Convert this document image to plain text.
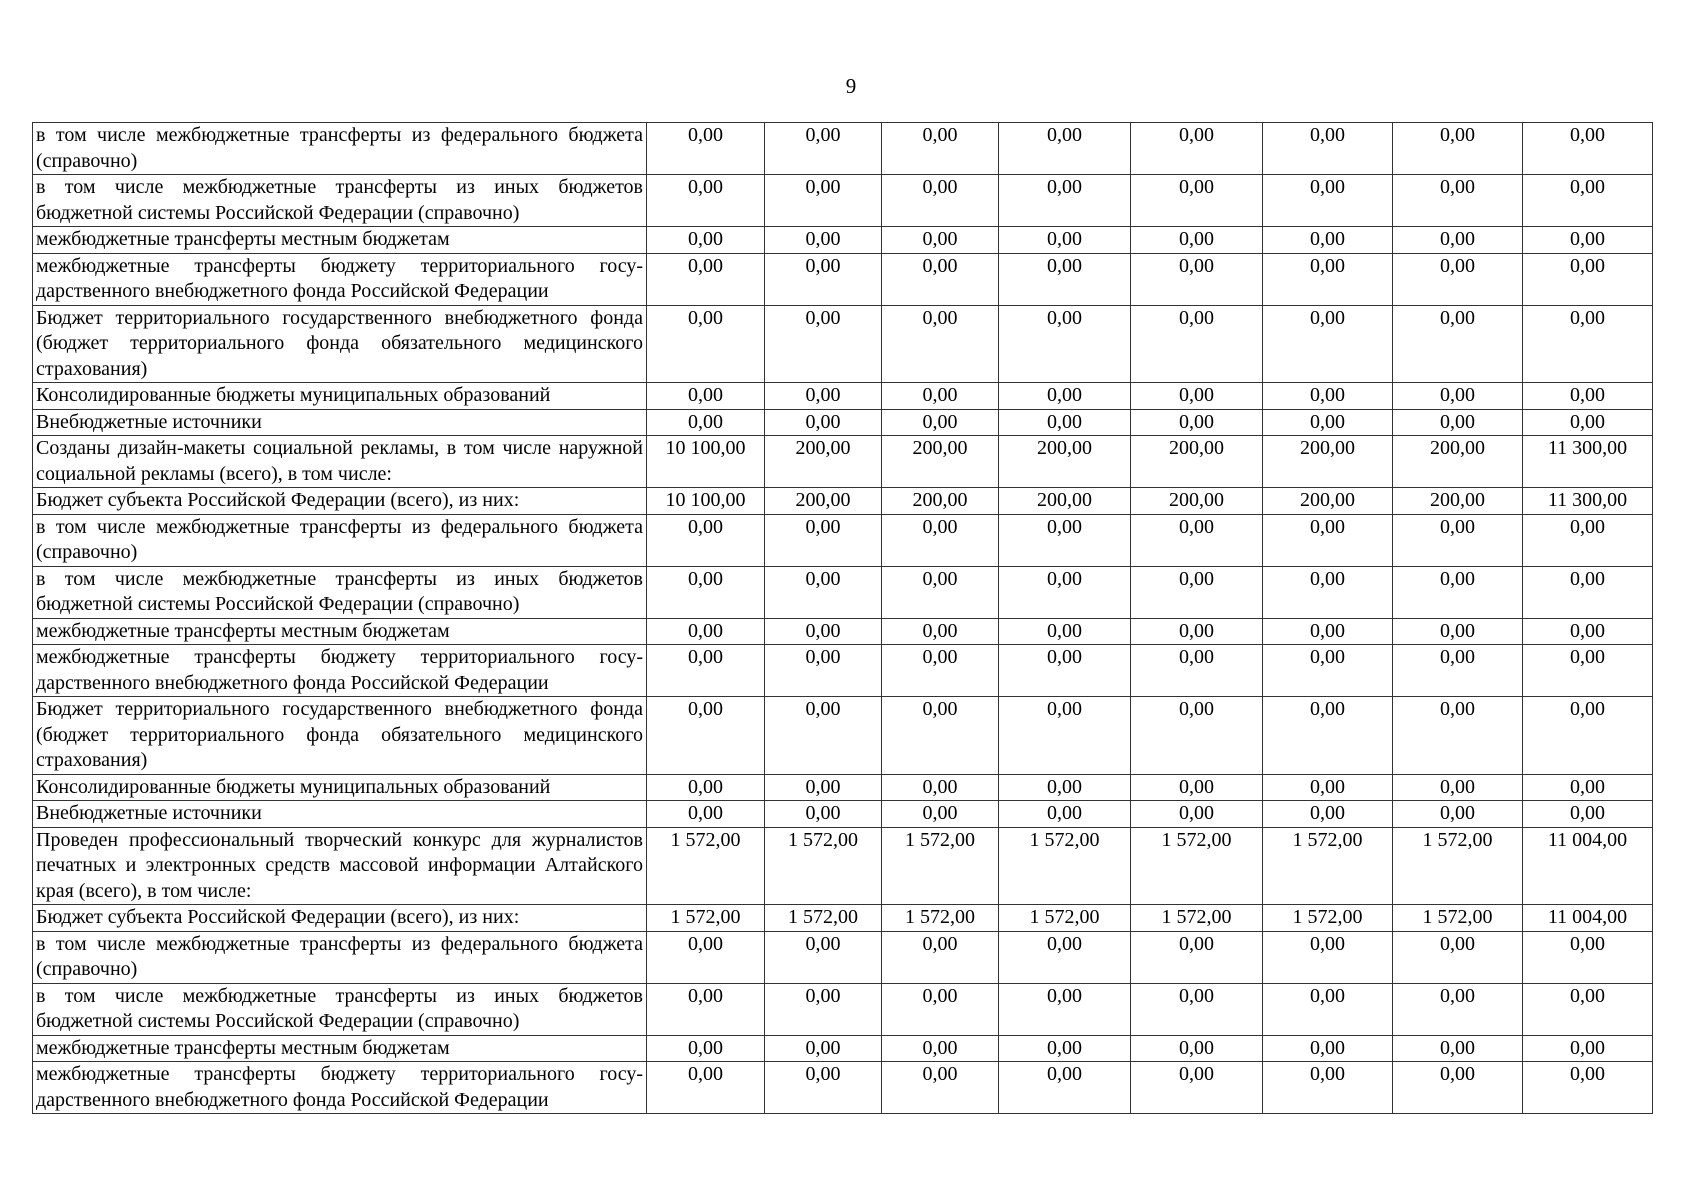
9
в том числе межбюджетные трансферты из федерального бюджета (справочно)	0,00	0,00	0,00	0,00	0,00	0,00	0,00	0,00
в том числе межбюджетные трансферты из иных бюджетов бюджетной системы Российской Федерации (справочно)	0,00	0,00	0,00	0,00	0,00	0,00	0,00	0,00
межбюджетные трансферты местным бюджетам	0,00	0,00	0,00	0,00	0,00	0,00	0,00	0,00
межбюджетные трансферты бюджету территориального государственного внебюджетного фонда Российской Федерации	0,00	0,00	0,00	0,00	0,00	0,00	0,00	0,00
Бюджет территориального государственного внебюджетного фонда (бюджет территориального фонда обязательного медицинского страхования)	0,00	0,00	0,00	0,00	0,00	0,00	0,00	0,00
Консолидированные бюджеты муниципальных образований	0,00	0,00	0,00	0,00	0,00	0,00	0,00	0,00
Внебюджетные источники	0,00	0,00	0,00	0,00	0,00	0,00	0,00	0,00
Созданы дизайн-макеты социальной рекламы, в том числе наружной социальной рекламы (всего), в том числе:	10 100,00	200,00	200,00	200,00	200,00	200,00	200,00	11 300,00
Бюджет субъекта Российской Федерации (всего), из них:	10 100,00	200,00	200,00	200,00	200,00	200,00	200,00	11 300,00
в том числе межбюджетные трансферты из федерального бюджета (справочно)	0,00	0,00	0,00	0,00	0,00	0,00	0,00	0,00
в том числе межбюджетные трансферты из иных бюджетов бюджетной системы Российской Федерации (справочно)	0,00	0,00	0,00	0,00	0,00	0,00	0,00	0,00
межбюджетные трансферты местным бюджетам	0,00	0,00	0,00	0,00	0,00	0,00	0,00	0,00
межбюджетные трансферты бюджету территориального государственного внебюджетного фонда Российской Федерации	0,00	0,00	0,00	0,00	0,00	0,00	0,00	0,00
Бюджет территориального государственного внебюджетного фонда (бюджет территориального фонда обязательного медицинского страхования)	0,00	0,00	0,00	0,00	0,00	0,00	0,00	0,00
Консолидированные бюджеты муниципальных образований	0,00	0,00	0,00	0,00	0,00	0,00	0,00	0,00
Внебюджетные источники	0,00	0,00	0,00	0,00	0,00	0,00	0,00	0,00
Проведен профессиональный творческий конкурс для журналистов печатных и электронных средств массовой информации Алтайского края (всего), в том числе:	1 572,00	1 572,00	1 572,00	1 572,00	1 572,00	1 572,00	1 572,00	11 004,00
Бюджет субъекта Российской Федерации (всего), из них:	1 572,00	1 572,00	1 572,00	1 572,00	1 572,00	1 572,00	1 572,00	11 004,00
в том числе межбюджетные трансферты из федерального бюджета (справочно)	0,00	0,00	0,00	0,00	0,00	0,00	0,00	0,00
в том числе межбюджетные трансферты из иных бюджетов бюджетной системы Российской Федерации (справочно)	0,00	0,00	0,00	0,00	0,00	0,00	0,00	0,00
межбюджетные трансферты местным бюджетам	0,00	0,00	0,00	0,00	0,00	0,00	0,00	0,00
межбюджетные трансферты бюджету территориального государственного внебюджетного фонда Российской Федерации	0,00	0,00	0,00	0,00	0,00	0,00	0,00	0,00
